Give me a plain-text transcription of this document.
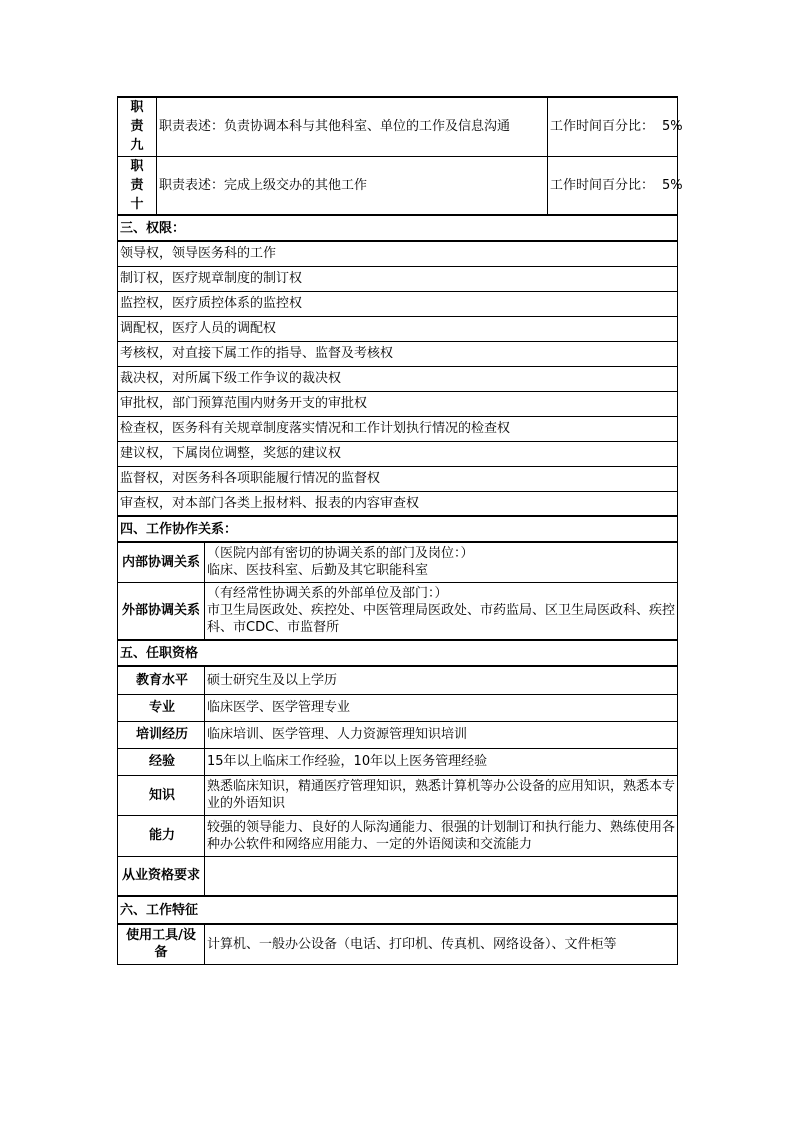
职责九	职责表述：负责协调本科与其他科室、单位的工作及信息沟通		工作时间百分比： 5%

职责十	职责表述：完成上级交办的其他工作		工作时间百分比： 5%
三、权限：			
领导权，领导医务科的工作			
制订权，医疗规章制度的制订权			
监控权，医疗质控体系的监控权			
调配权，医疗人员的调配权			
考核权，对直接下属工作的指导、监督及考核权			
裁决权，对所属下级工作争议的裁决权			
审批权，部门预算范围内财务开支的审批权			
检查权，医务科有关规章制度落实情况和工作计划执行情况的检查权			
建议权，下属岗位调整，奖惩的建议权			
监督权，对医务科各项职能履行情况的监督权			
审查权，对本部门各类上报材料、报表的内容审查权			
四、工作协作关系：			
内部协调关系		（医院内部有密切的协调关系的部门及岗位：）
临床、医技科室、后勤及其它职能科室	

外部协调关系		（有经常性协调关系的外部单位及部门：）
市卫生局医政处、疾控处、中医管理局医政处、市药监局、区卫生局医政科、疾控科、市CDC、市监督所	

五、任职资格			
教育水平		硕士研究生及以上学历	
专业		临床医学、医学管理专业	
培训经历		临床培训、医学管理、人力资源管理知识培训	
经验		15年以上临床工作经验，10年以上医务管理经验	
知识		熟悉临床知识，精通医疗管理知识，熟悉计算机等办公设备的应用知识，熟悉本专业的外语知识	
能力		较强的领导能力、良好的人际沟通能力、很强的计划制订和执行能力、熟练使用各种办公软件和网络应用能力、一定的外语阅读和交流能力	
从业资格要求			
六、工作特征			
使用工具/设备		计算机、一般办公设备（电话、打印机、传真机、网络设备）、文件柜等	
